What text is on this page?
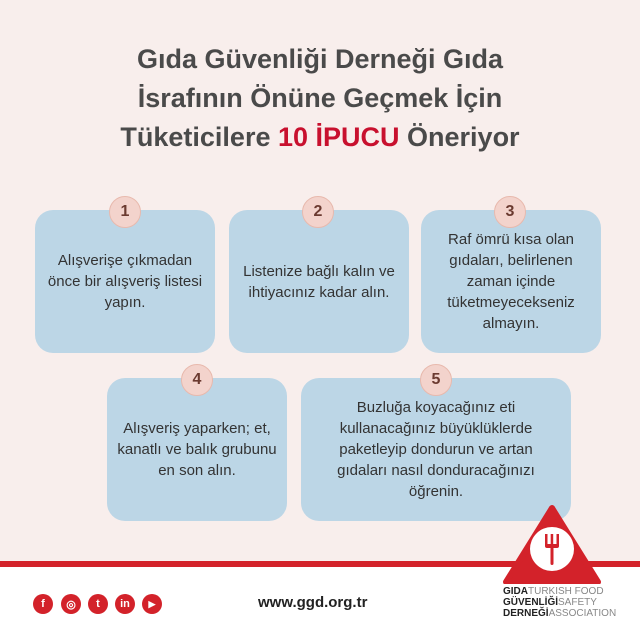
Gıda Güvenliği Derneği Gıda
İsrafının Önüne Geçmek İçin
Tüketicilere 10 İPUCU Öneriyor
Alışverişe çıkmadan önce bir alışveriş listesi yapın.
1
Listenize bağlı kalın ve ihtiyacınız kadar alın.
2
Raf ömrü kısa olan gıdaları, belirlenen zaman içinde tüketmeyecekseniz almayın.
3
Alışveriş yaparken; et, kanatlı ve balık grubunu en son alın.
4
Buzluğa koyacağınız eti kullanacağınız büyüklüklerde paketleyip dondurun ve artan gıdaları nasıl donduracağınızı öğrenin.
5
f	◎	t	in	▶	www.ggd.org.tr
GIDATURKISH FOOD
GÜVENLİĞİSAFETY
DERNEĞİASSOCIATION
